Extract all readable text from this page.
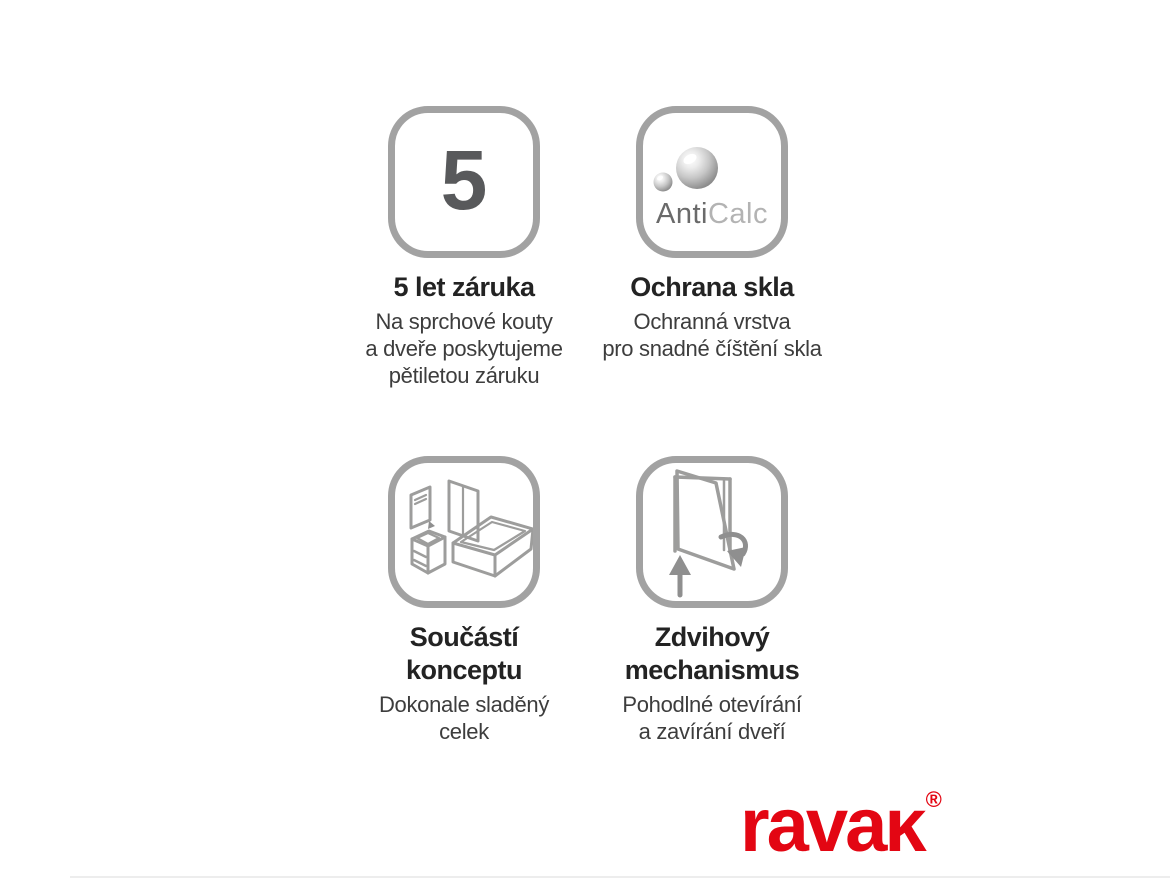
5
5 let záruka

Na sprchové kouty
a dveře poskytujeme
pětiletou záruku

AntiCalc
Ochrana skla

Ochranná vrstva
pro snadné číštění skla

Součástí
konceptu

Dokonale sladěný
celek

Zdvihový
mechanismus

Pohodlné otevírání
a zavírání dveří

ravaĸ®
